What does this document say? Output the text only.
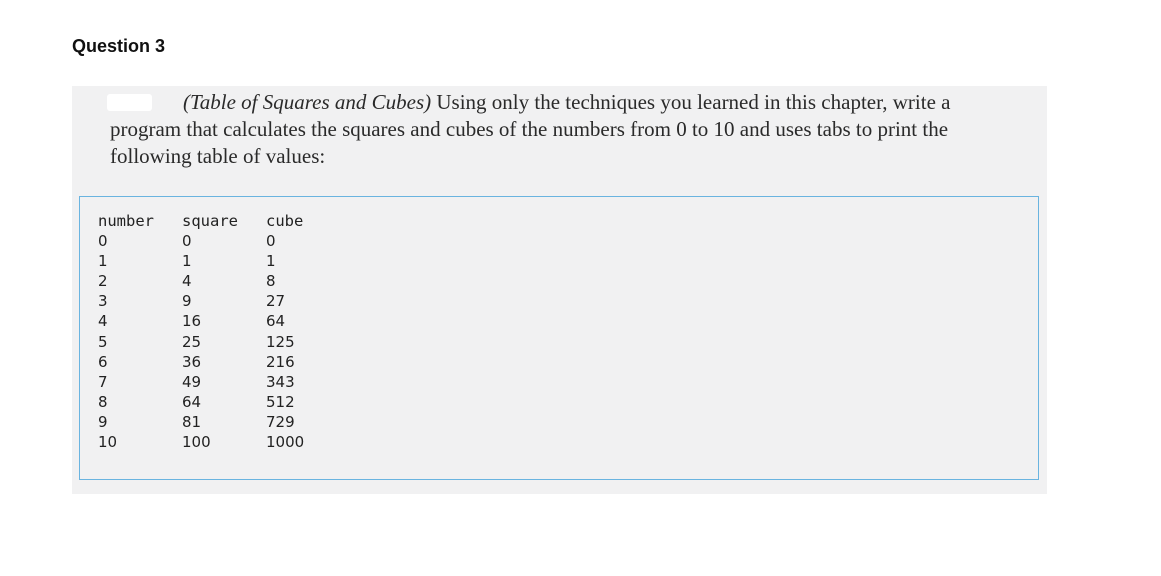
Question 3

(Table of Squares and Cubes) Using only the techniques you learned in this chapter, write a program that calculates the squares and cubes of the numbers from 0 to 10 and uses tabs to print the following table of values:

number	square	cube
0	0	0
1	1	1
2	4	8
3	9	27
4	16	64
5	25	125
6	36	216
7	49	343
8	64	512
9	81	729
10	100	1000
